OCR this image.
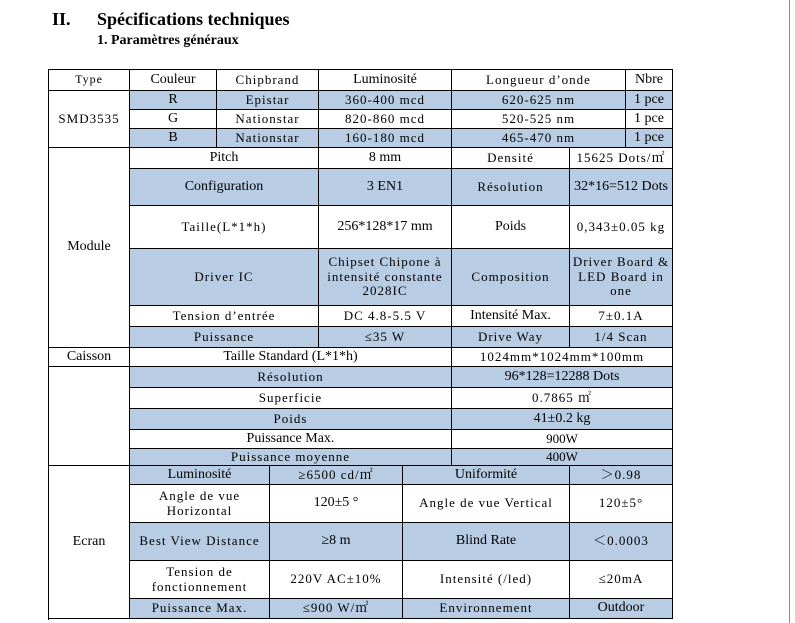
II. Spécifications techniques
1. Paramètres généraux
Type	Couleur	Chipbrand		Luminosité		Longueur d’onde		Nbre
SMD3535	R	Epistar		360-400 mcd		620-625 nm		1 pce
	G	Nationstar		820-860 mcd		520-525 nm		1 pce
	B	Nationstar		160-180 mcd		465-470 nm		1 pce
Module	Pitch			8 mm		Densité	15625 Dots/㎡	
	Configuration			3 EN1		Résolution	32*16=512 Dots	
	Taille(L*1*h)			256*128*17 mm		Poids	0,343±0.05 kg	
	Driver IC			Chipset Chipone à intensité constante 2028IC		Composition	Driver Board & LED Board in one	
	Tension d’entrée			DC 4.8-5.5 V		Intensité Max.	7±0.1A	
	Puissance			≤35 W		Drive Way	1/4 Scan	

Caisson	Taille Standard (L*1*h)					1024mm*1024mm*100mm		
	Résolution					96*128=12288 Dots		
	Superficie					0.7865 ㎡		
	Poids					41±0.2 kg		
	Puissance Max.					900W		
	Puissance moyenne					400W		
Ecran	Luminosité		≥6500 cd/㎡		Uniformité		＞0.98	
	Angle de vue Horizontal		120±5 °		Angle de vue Vertical		120±5°	
	Best View Distance		≥8 m		Blind Rate		＜0.0003	
	Tension de fonctionnement		220V AC±10%		Intensité (/led)		≤20mA	
	Puissance Max.		≤900 W/㎡		Environnement		Outdoor	
